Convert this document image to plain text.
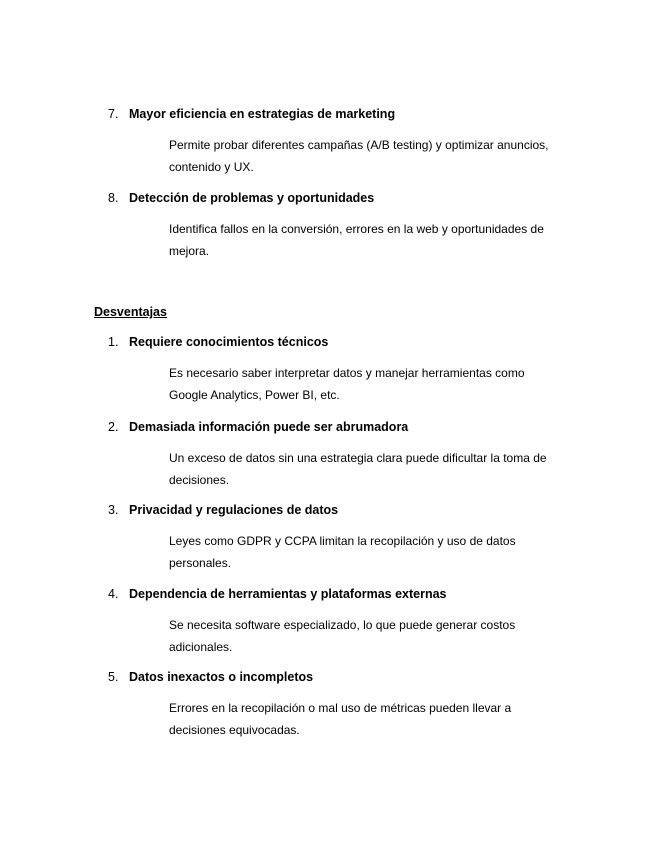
7. Mayor eficiencia en estrategias de marketing
Permite probar diferentes campañas (A/B testing) y optimizar anuncios, contenido y UX.
8. Detección de problemas y oportunidades
Identifica fallos en la conversión, errores en la web y oportunidades de mejora.
Desventajas
1. Requiere conocimientos técnicos
Es necesario saber interpretar datos y manejar herramientas como Google Analytics, Power BI, etc.
2. Demasiada información puede ser abrumadora
Un exceso de datos sin una estrategia clara puede dificultar la toma de decisiones.
3. Privacidad y regulaciones de datos
Leyes como GDPR y CCPA limitan la recopilación y uso de datos personales.
4. Dependencia de herramientas y plataformas externas
Se necesita software especializado, lo que puede generar costos adicionales.
5. Datos inexactos o incompletos
Errores en la recopilación o mal uso de métricas pueden llevar a decisiones equivocadas.
